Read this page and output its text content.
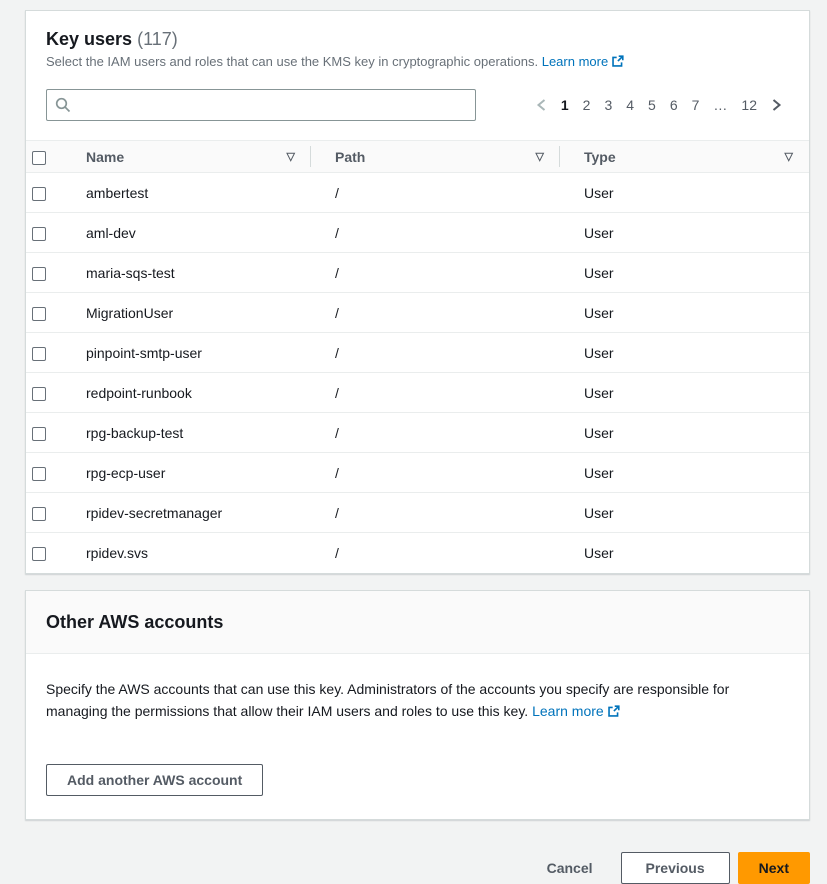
Key users (117)
Select the IAM users and roles that can use the KMS key in cryptographic operations. Learn more
1	2	3	4	5	6	7	…	12

	Name ▽	Path ▽	Type ▽

	ambertest	/	User
	aml-dev	/	User
	maria-sqs-test	/	User
	MigrationUser	/	User
	pinpoint-smtp-user	/	User
	redpoint-runbook	/	User
	rpg-backup-test	/	User
	rpg-ecp-user	/	User
	rpidev-secretmanager	/	User
	rpidev.svs	/	User
Other AWS accounts

Specify the AWS accounts that can use this key. Administrators of the accounts you specify are responsible for managing the permissions that allow their IAM users and roles to use this key. Learn more

Add another AWS account
Cancel	Previous	Next
